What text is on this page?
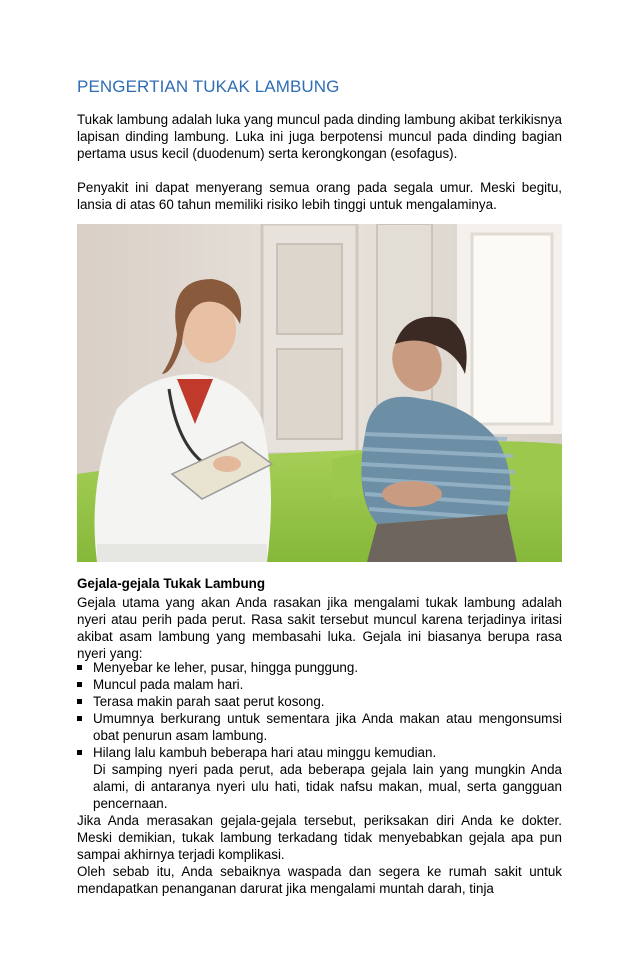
PENGERTIAN TUKAK LAMBUNG

Tukak lambung adalah luka yang muncul pada dinding lambung akibat terkikisnya lapisan dinding lambung. Luka ini juga berpotensi muncul pada dinding bagian pertama usus kecil (duodenum) serta kerongkongan (esofagus).

Penyakit ini dapat menyerang semua orang pada segala umur. Meski begitu, lansia di atas 60 tahun memiliki risiko lebih tinggi untuk mengalaminya.

Gejala-gejala Tukak Lambung

Gejala utama yang akan Anda rasakan jika mengalami tukak lambung adalah nyeri atau perih pada perut. Rasa sakit tersebut muncul karena terjadinya iritasi akibat asam lambung yang membasahi luka. Gejala ini biasanya berupa rasa nyeri yang:

Menyebar ke leher, pusar, hingga punggung.
Muncul pada malam hari.
Terasa makin parah saat perut kosong.
Umumnya berkurang untuk sementara jika Anda makan atau mengonsumsi obat penurun asam lambung.
Hilang lalu kambuh beberapa hari atau minggu kemudian.

Di samping nyeri pada perut, ada beberapa gejala lain yang mungkin Anda alami, di antaranya nyeri ulu hati, tidak nafsu makan, mual, serta gangguan pencernaan.

Jika Anda merasakan gejala-gejala tersebut, periksakan diri Anda ke dokter. Meski demikian, tukak lambung terkadang tidak menyebabkan gejala apa pun sampai akhirnya terjadi komplikasi.

Oleh sebab itu, Anda sebaiknya waspada dan segera ke rumah sakit untuk mendapatkan penanganan darurat jika mengalami muntah darah, tinja
